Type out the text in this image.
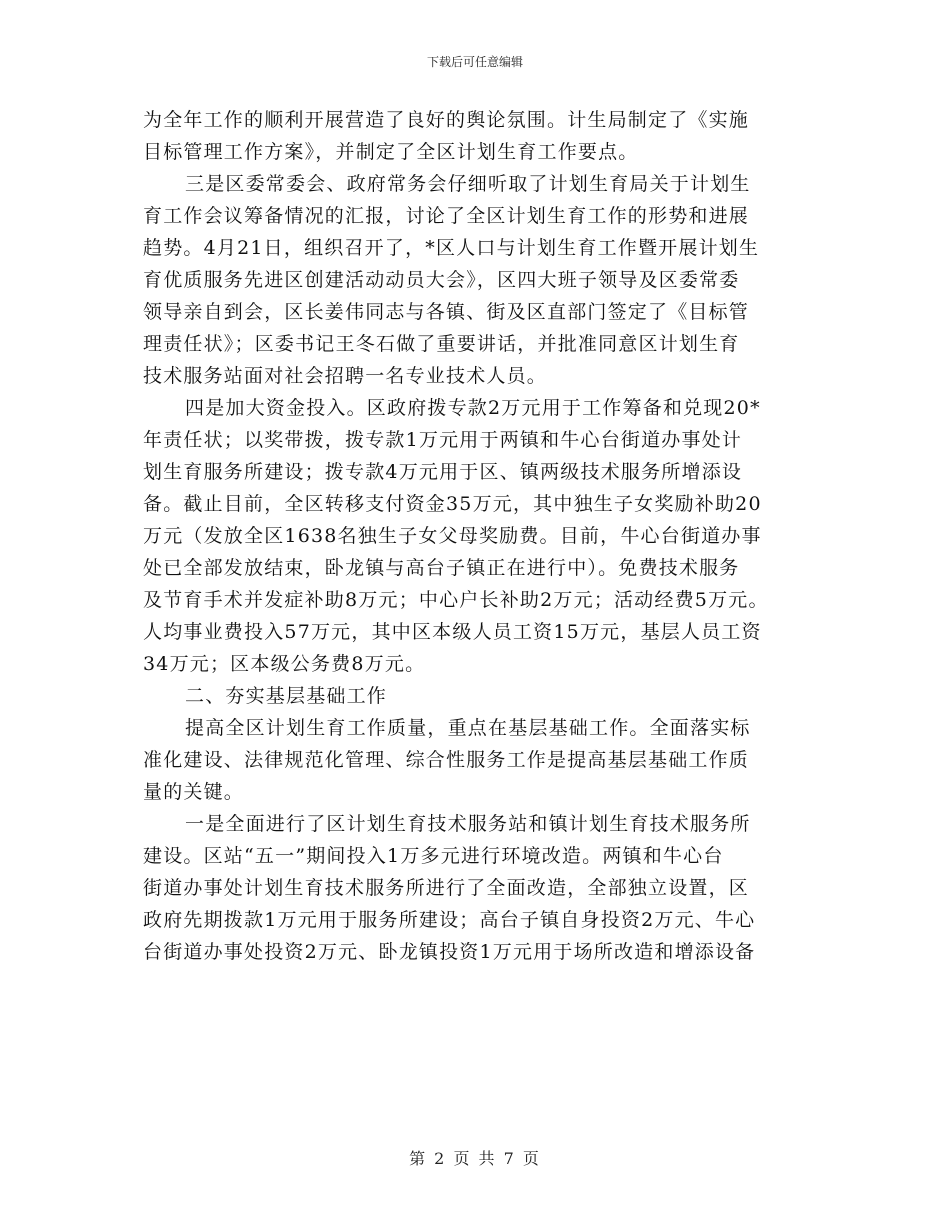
下载后可任意编辑
为全年工作的顺利开展营造了良好的舆论氛围。计生局制定了《实施
目标管理工作方案》，并制定了全区计划生育工作要点。
三是区委常委会、政府常务会仔细听取了计划生育局关于计划生
育工作会议筹备情况的汇报，讨论了全区计划生育工作的形势和进展
趋势。4月21日，组织召开了，*区人口与计划生育工作暨开展计划生
育优质服务先进区创建活动动员大会》，区四大班子领导及区委常委
领导亲自到会，区长姜伟同志与各镇、街及区直部门签定了《目标管
理责任状》；区委书记王冬石做了重要讲话，并批准同意区计划生育
技术服务站面对社会招聘一名专业技术人员。
四是加大资金投入。区政府拨专款2万元用于工作筹备和兑现20*
年责任状；以奖带拨，拨专款1万元用于两镇和牛心台街道办事处计
划生育服务所建设；拨专款4万元用于区、镇两级技术服务所增添设
备。截止目前，全区转移支付资金35万元，其中独生子女奖励补助20
万元（发放全区1638名独生子女父母奖励费。目前，牛心台街道办事
处已全部发放结束，卧龙镇与高台子镇正在进行中）。免费技术服务
及节育手术并发症补助8万元；中心户长补助2万元；活动经费5万元。
人均事业费投入57万元，其中区本级人员工资15万元，基层人员工资
34万元；区本级公务费8万元。
二、夯实基层基础工作
提高全区计划生育工作质量，重点在基层基础工作。全面落实标
准化建设、法律规范化管理、综合性服务工作是提高基层基础工作质
量的关键。
一是全面进行了区计划生育技术服务站和镇计划生育技术服务所
建设。区站“五一”期间投入1万多元进行环境改造。两镇和牛心台
街道办事处计划生育技术服务所进行了全面改造，全部独立设置，区
政府先期拨款1万元用于服务所建设；高台子镇自身投资2万元、牛心
台街道办事处投资2万元、卧龙镇投资1万元用于场所改造和增添设备
第 2 页 共 7 页
